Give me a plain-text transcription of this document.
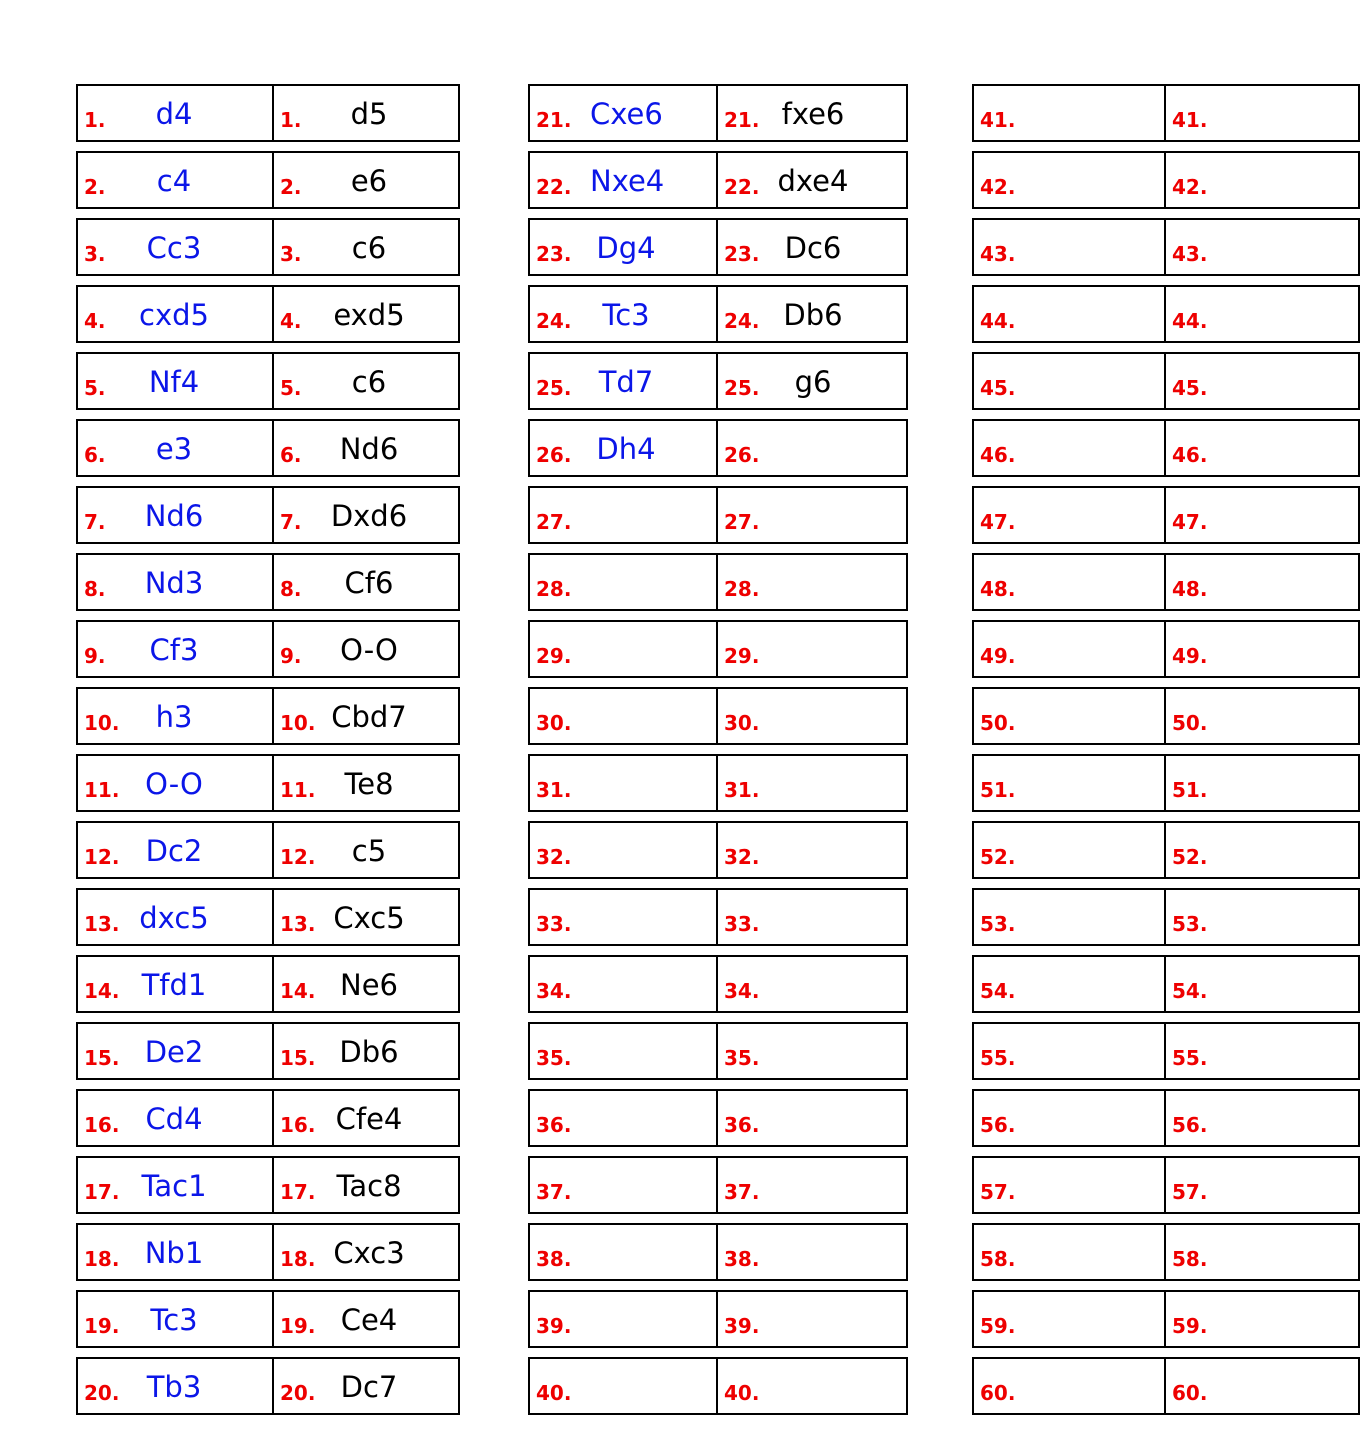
1.	d4	1.	d5
2.	c4	2.	e6
3. Cc3	3.	c6
4. cxd5	4.	exd5
5.	Nf4	5.	c6
6.	e3	6.	Nd6
7. Nd6	7. Dxd6
8. Nd3	8.	Cf6
9.	Cf3	9.	O-O
10.	h3	10. Cbd7
11. O-O	11.	Te8
12. Dc2	12.	c5
13. dxc5	13. Cxc5
14. Tfd1	14. Ne6
15. De2	15. Db6
16. Cd4	16. Cfe4
17. Tac1	17. Tac8
18. Nb1	18. Cxc3
19.	Tc3	19. Ce4
20. Tb3	20. Dc7
21. Cxe6	21. fxe6
22. Nxe4	22. dxe4
23. Dg4	23. Dc6
24.	Tc3	24. Db6
25. Td7	25.	g6
26. Dh4	26.
27.	27.
28.	28.
29.	29.
30.	30.
31.	31.
32.	32.
33.	33.
34.	34.
35.	35.
36.	36.
37.	37.
38.	38.
39.	39.
40.	40.
41.	41.
42.	42.
43.	43.
44.	44.
45.	45.
46.	46.
47.	47.
48.	48.
49.	49.
50.	50.
51.	51.
52.	52.
53.	53.
54.	54.
55.	55.
56.	56.
57.	57.
58.	58.
59.	59.
60.	60.
